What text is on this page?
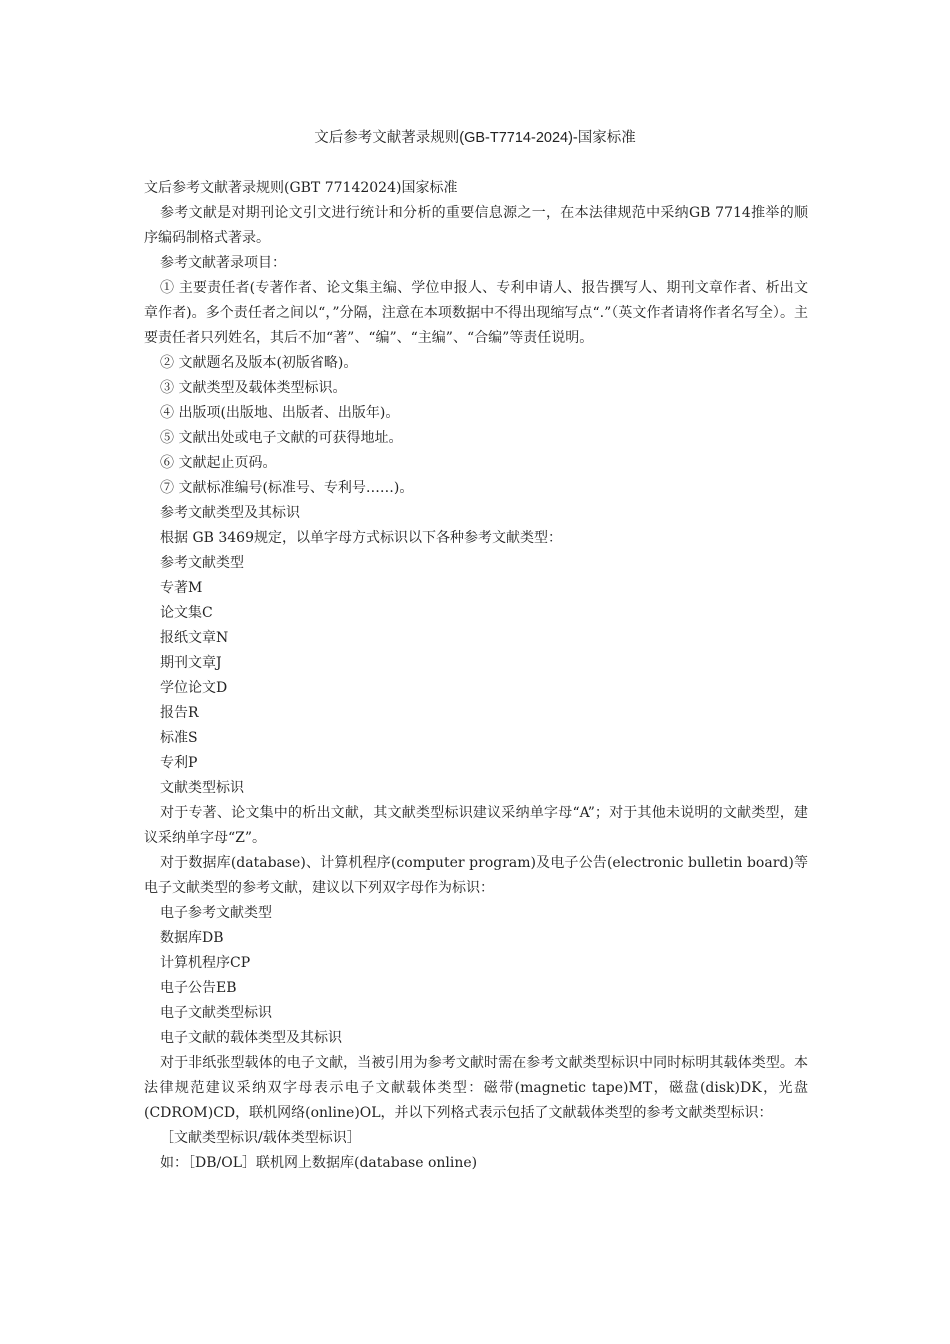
文后参考文献著录规则(GB-T7714-2024)-国家标准

文后参考文献著录规则(GBT 77142024)国家标准

参考文献是对期刊论文引文进行统计和分析的重要信息源之一，在本法律规范中采纳GB 7714推举的顺序编码制格式著录。

参考文献著录项目：

① 主要责任者(专著作者、论文集主编、学位申报人、专利申请人、报告撰写人、期刊文章作者、析出文章作者)。多个责任者之间以“，”分隔，注意在本项数据中不得出现缩写点“.”（英文作者请将作者名写全）。主要责任者只列姓名，其后不加“著”、“编”、“主编”、“合编”等责任说明。

② 文献题名及版本(初版省略)。

③ 文献类型及载体类型标识。

④ 出版项(出版地、出版者、出版年)。

⑤ 文献出处或电子文献的可获得地址。

⑥ 文献起止页码。

⑦ 文献标准编号(标准号、专利号……)。

参考文献类型及其标识

根据 GB 3469规定，以单字母方式标识以下各种参考文献类型：

参考文献类型

专著M

论文集C

报纸文章N

期刊文章J

学位论文D

报告R

标准S

专利P

文献类型标识

对于专著、论文集中的析出文献，其文献类型标识建议采纳单字母“A”；对于其他未说明的文献类型，建议采纳单字母“Z”。

对于数据库(database)、计算机程序(computer program)及电子公告(electronic bulletin board)等电子文献类型的参考文献，建议以下列双字母作为标识：

电子参考文献类型

数据库DB

计算机程序CP

电子公告EB

电子文献类型标识

电子文献的载体类型及其标识

对于非纸张型载体的电子文献，当被引用为参考文献时需在参考文献类型标识中同时标明其载体类型。本法律规范建议采纳双字母表示电子文献载体类型：磁带(magnetic tape)MT，磁盘(disk)DK，光盘(CDROM)CD，联机网络(online)OL，并以下列格式表示包括了文献载体类型的参考文献类型标识：

［文献类型标识/载体类型标识］

如：［DB/OL］联机网上数据库(database online)
